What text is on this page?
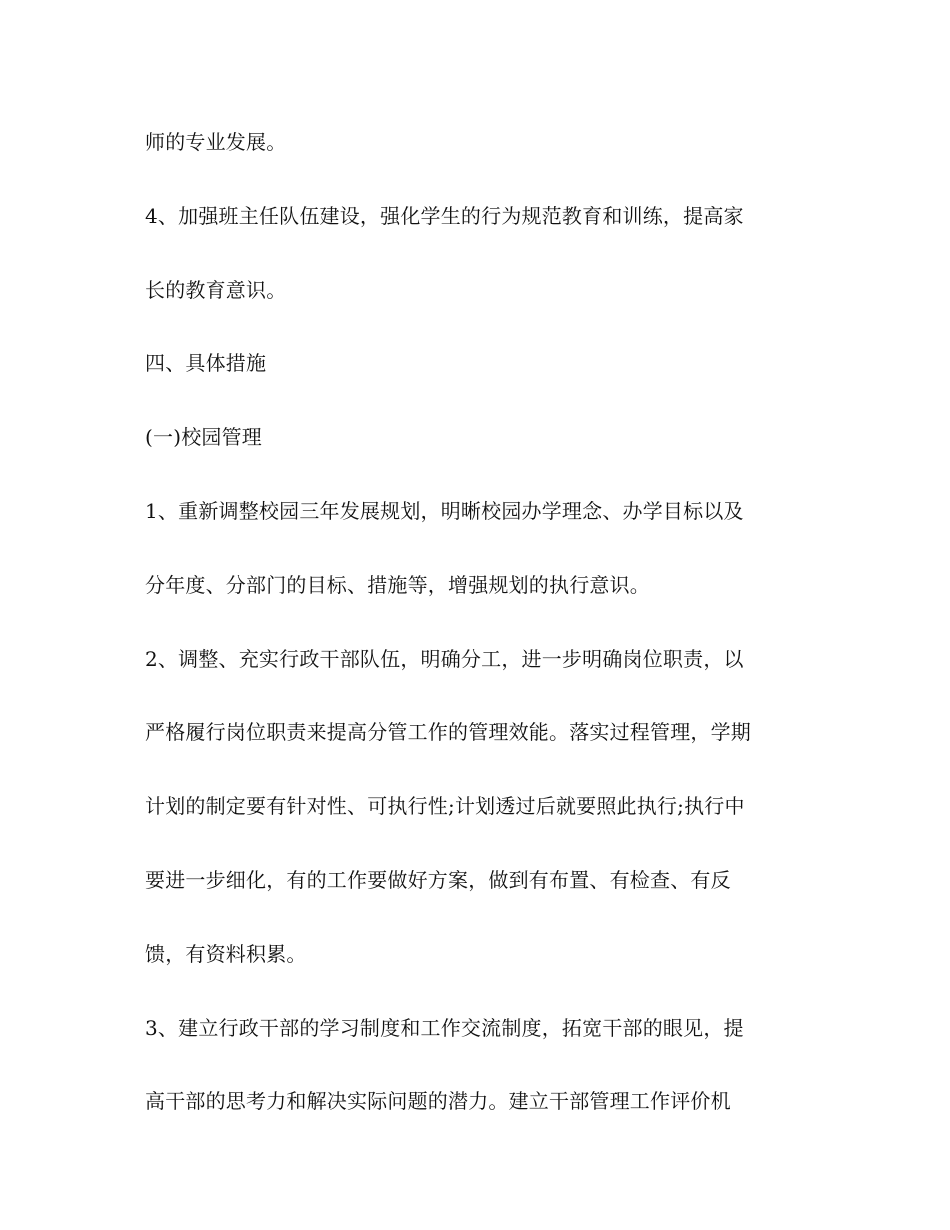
师的专业发展。

4、加强班主任队伍建设，强化学生的行为规范教育和训练，提高家

长的教育意识。

四、具体措施

(一)校园管理

1、重新调整校园三年发展规划，明晰校园办学理念、办学目标以及

分年度、分部门的目标、措施等，增强规划的执行意识。

2、调整、充实行政干部队伍，明确分工，进一步明确岗位职责，以

严格履行岗位职责来提高分管工作的管理效能。落实过程管理，学期

计划的制定要有针对性、可执行性;计划透过后就要照此执行;执行中

要进一步细化，有的工作要做好方案，做到有布置、有检查、有反

馈，有资料积累。

3、建立行政干部的学习制度和工作交流制度，拓宽干部的眼见，提

高干部的思考力和解决实际问题的潜力。建立干部管理工作评价机
